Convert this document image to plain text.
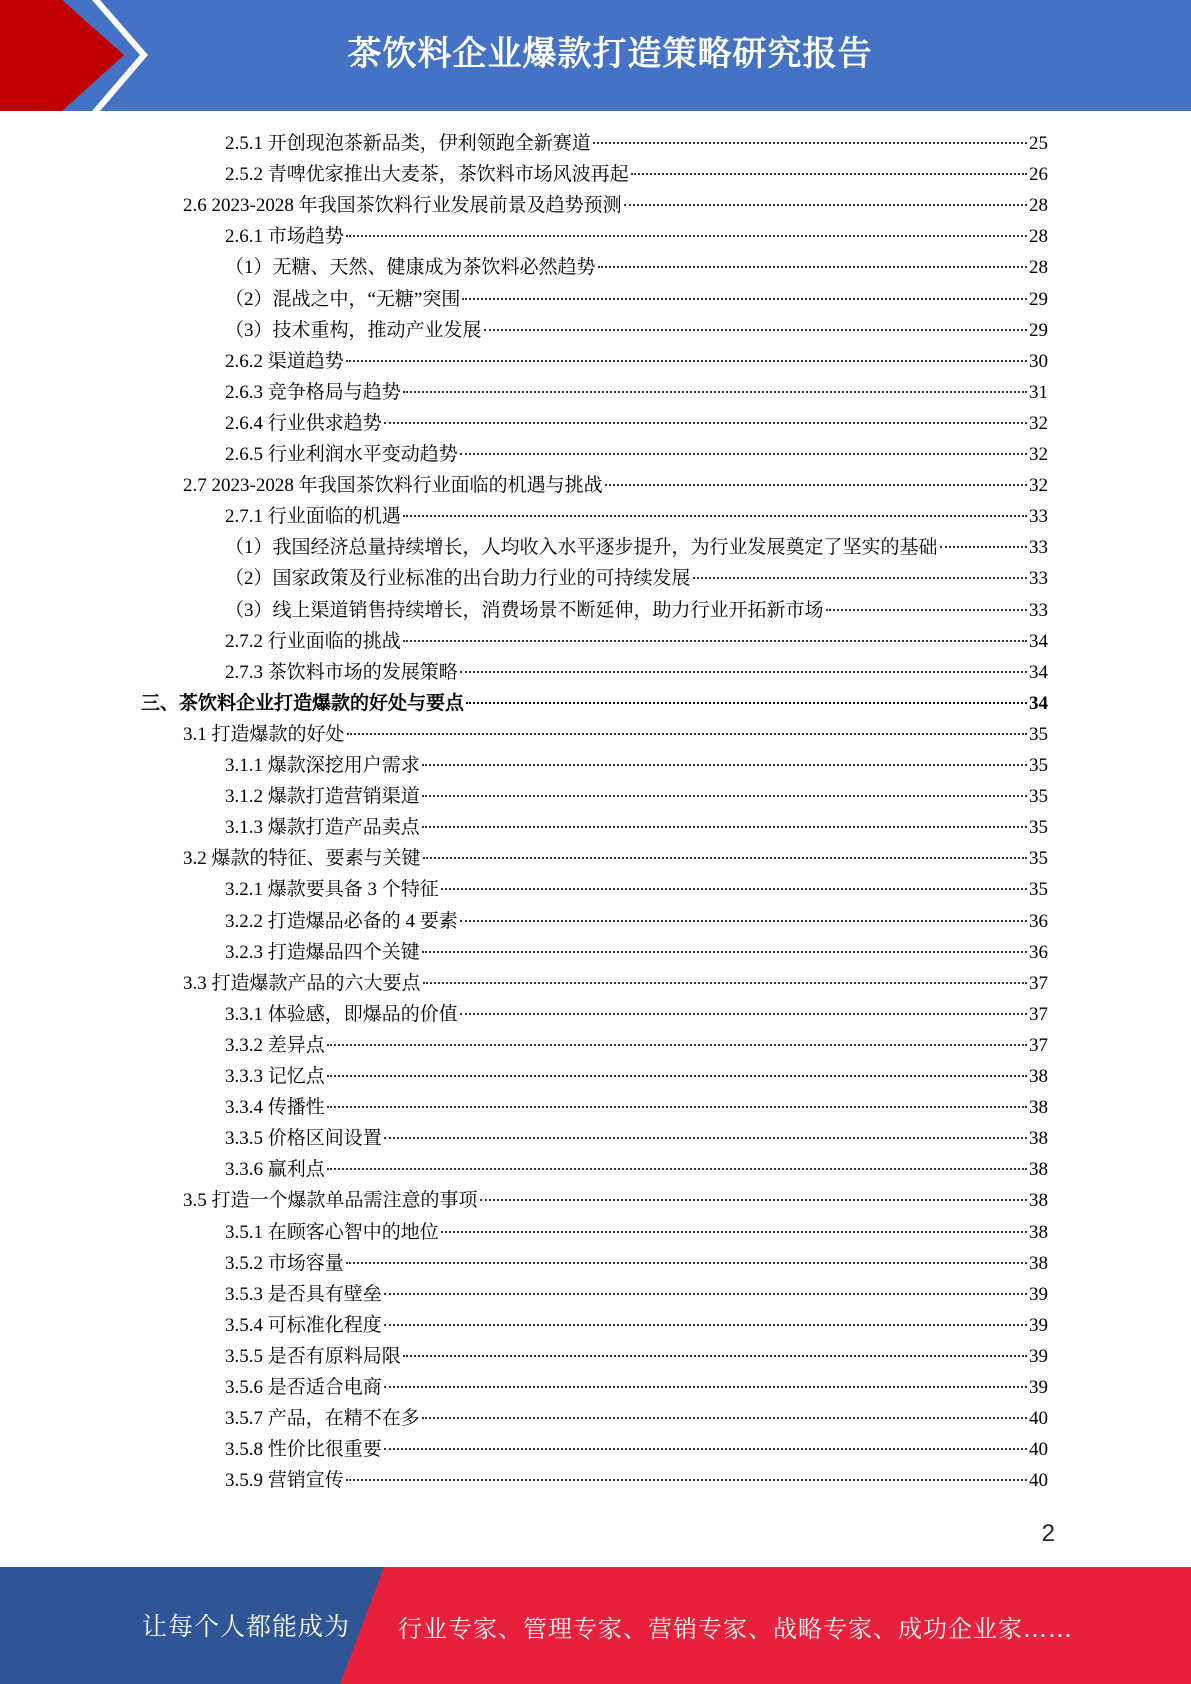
茶饮料企业爆款打造策略研究报告
2.5.1 开创现泡茶新品类，伊利领跑全新赛道	25
2.5.2 青啤优家推出大麦茶，茶饮料市场风波再起	26
2.6 2023-2028 年我国茶饮料行业发展前景及趋势预测	28
2.6.1 市场趋势	28
（1）无糖、天然、健康成为茶饮料必然趋势	28
（2）混战之中，“无糖”突围	29
（3）技术重构，推动产业发展	29
2.6.2 渠道趋势	30
2.6.3 竞争格局与趋势	31
2.6.4 行业供求趋势	32
2.6.5 行业利润水平变动趋势	32
2.7 2023-2028 年我国茶饮料行业面临的机遇与挑战	32
2.7.1 行业面临的机遇	33
（1）我国经济总量持续增长，人均收入水平逐步提升，为行业发展奠定了坚实的基础	33
（2）国家政策及行业标准的出台助力行业的可持续发展	33
（3）线上渠道销售持续增长，消费场景不断延伸，助力行业开拓新市场	33
2.7.2 行业面临的挑战	34
2.7.3 茶饮料市场的发展策略	34
三、茶饮料企业打造爆款的好处与要点	34
3.1 打造爆款的好处	35
3.1.1 爆款深挖用户需求	35
3.1.2 爆款打造营销渠道	35
3.1.3 爆款打造产品卖点	35
3.2 爆款的特征、要素与关键	35
3.2.1 爆款要具备 3 个特征	35
3.2.2 打造爆品必备的 4 要素	36
3.2.3 打造爆品四个关键	36
3.3 打造爆款产品的六大要点	37
3.3.1 体验感，即爆品的价值	37
3.3.2 差异点	37
3.3.3 记忆点	38
3.3.4 传播性	38
3.3.5 价格区间设置	38
3.3.6 赢利点	38
3.5 打造一个爆款单品需注意的事项	38
3.5.1 在顾客心智中的地位	38
3.5.2 市场容量	38
3.5.3 是否具有壁垒	39
3.5.4 可标准化程度	39
3.5.5 是否有原料局限	39
3.5.6 是否适合电商	39
3.5.7 产品，在精不在多	40
3.5.8 性价比很重要	40
3.5.9 营销宣传	40
2
让每个人都能成为 行业专家、管理专家、营销专家、战略专家、成功企业家……
